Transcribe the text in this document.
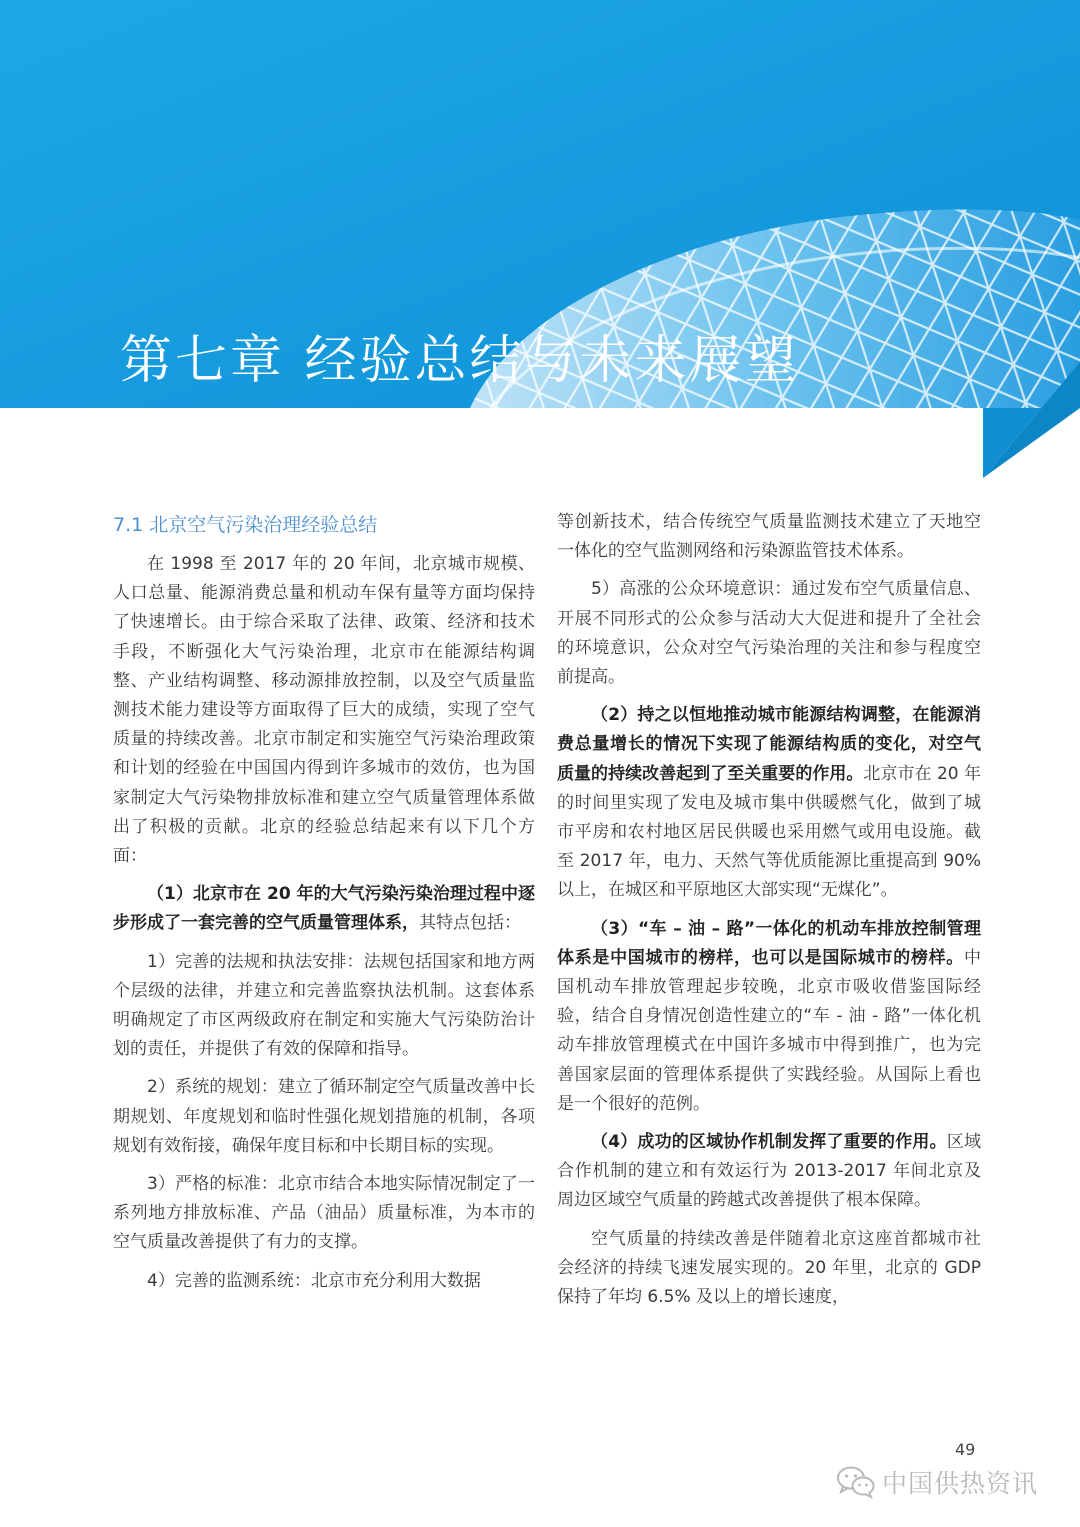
第七章 经验总结与未来展望
7.1 北京空气污染治理经验总结

在 1998 至 2017 年的 20 年间，北京城市规模、人口总量、能源消费总量和机动车保有量等方面均保持了快速增长。由于综合采取了法律、政策、经济和技术手段，不断强化大气污染治理，北京市在能源结构调整、产业结构调整、移动源排放控制，以及空气质量监测技术能力建设等方面取得了巨大的成绩，实现了空气质量的持续改善。北京市制定和实施空气污染治理政策和计划的经验在中国国内得到许多城市的效仿，也为国家制定大气污染物排放标准和建立空气质量管理体系做出了积极的贡献。北京的经验总结起来有以下几个方面：

（1）北京市在 20 年的大气污染污染治理过程中逐步形成了一套完善的空气质量管理体系，其特点包括：

1）完善的法规和执法安排：法规包括国家和地方两个层级的法律，并建立和完善监察执法机制。这套体系明确规定了市区两级政府在制定和实施大气污染防治计划的责任，并提供了有效的保障和指导。

2）系统的规划：建立了循环制定空气质量改善中长期规划、年度规划和临时性强化规划措施的机制，各项规划有效衔接，确保年度目标和中长期目标的实现。

3）严格的标准：北京市结合本地实际情况制定了一系列地方排放标准、产品（油品）质量标准，为本市的空气质量改善提供了有力的支撑。

4）完善的监测系统：北京市充分利用大数据

等创新技术，结合传统空气质量监测技术建立了天地空一体化的空气监测网络和污染源监管技术体系。

5）高涨的公众环境意识：通过发布空气质量信息、开展不同形式的公众参与活动大大促进和提升了全社会的环境意识，公众对空气污染治理的关注和参与程度空前提高。

（2）持之以恒地推动城市能源结构调整，在能源消费总量增长的情况下实现了能源结构质的变化，对空气质量的持续改善起到了至关重要的作用。北京市在 20 年的时间里实现了发电及城市集中供暖燃气化，做到了城市平房和农村地区居民供暖也采用燃气或用电设施。截至 2017 年，电力、天然气等优质能源比重提高到 90% 以上，在城区和平原地区大部实现“无煤化”。

（3）“车 – 油 – 路”一体化的机动车排放控制管理体系是中国城市的榜样，也可以是国际城市的榜样。中国机动车排放管理起步较晚，北京市吸收借鉴国际经验，结合自身情况创造性建立的“车 - 油 - 路”一体化机动车排放管理模式在中国许多城市中得到推广，也为完善国家层面的管理体系提供了实践经验。从国际上看也是一个很好的范例。

（4）成功的区域协作机制发挥了重要的作用。区域合作机制的建立和有效运行为 2013-2017 年间北京及周边区域空气质量的跨越式改善提供了根本保障。

空气质量的持续改善是伴随着北京这座首都城市社会经济的持续飞速发展实现的。20 年里，北京的 GDP 保持了年均 6.5% 及以上的增长速度，

49
中国供热资讯
